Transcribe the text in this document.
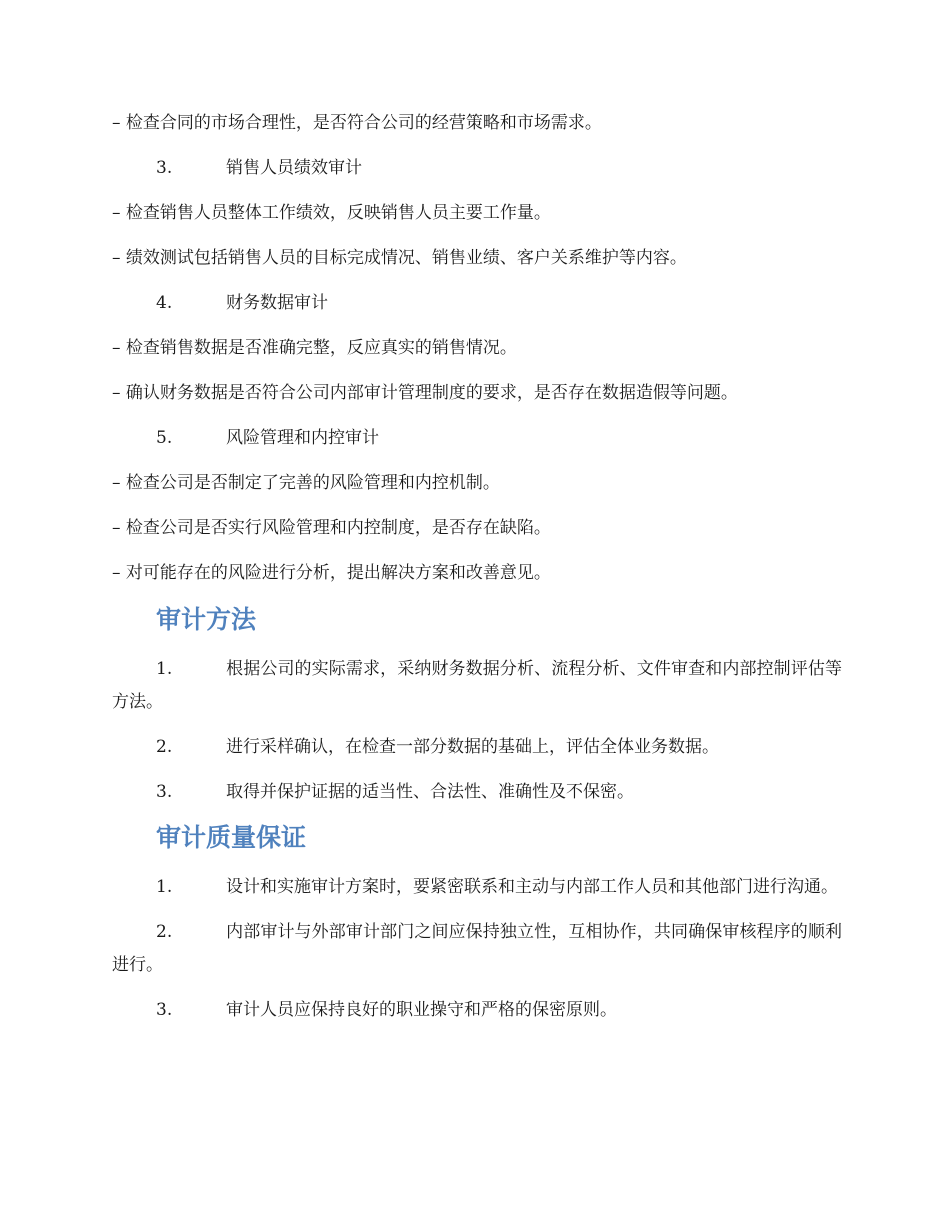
– 检查合同的市场合理性，是否符合公司的经营策略和市场需求。

3.	销售人员绩效审计

– 检查销售人员整体工作绩效，反映销售人员主要工作量。

– 绩效测试包括销售人员的目标完成情况、销售业绩、客户关系维护等内容。

4.	财务数据审计

– 检查销售数据是否准确完整，反应真实的销售情况。

– 确认财务数据是否符合公司内部审计管理制度的要求，是否存在数据造假等问题。

5.	风险管理和内控审计

– 检查公司是否制定了完善的风险管理和内控机制。

– 检查公司是否实行风险管理和内控制度，是否存在缺陷。

– 对可能存在的风险进行分析，提出解决方案和改善意见。

审计方法

1.	根据公司的实际需求，采纳财务数据分析、流程分析、文件审查和内部控制评估等方法。

2.	进行采样确认，在检查一部分数据的基础上，评估全体业务数据。

3.	取得并保护证据的适当性、合法性、准确性及不保密。

审计质量保证

1.	设计和实施审计方案时，要紧密联系和主动与内部工作人员和其他部门进行沟通。

2.	内部审计与外部审计部门之间应保持独立性，互相协作，共同确保审核程序的顺利进行。

3.	审计人员应保持良好的职业操守和严格的保密原则。
